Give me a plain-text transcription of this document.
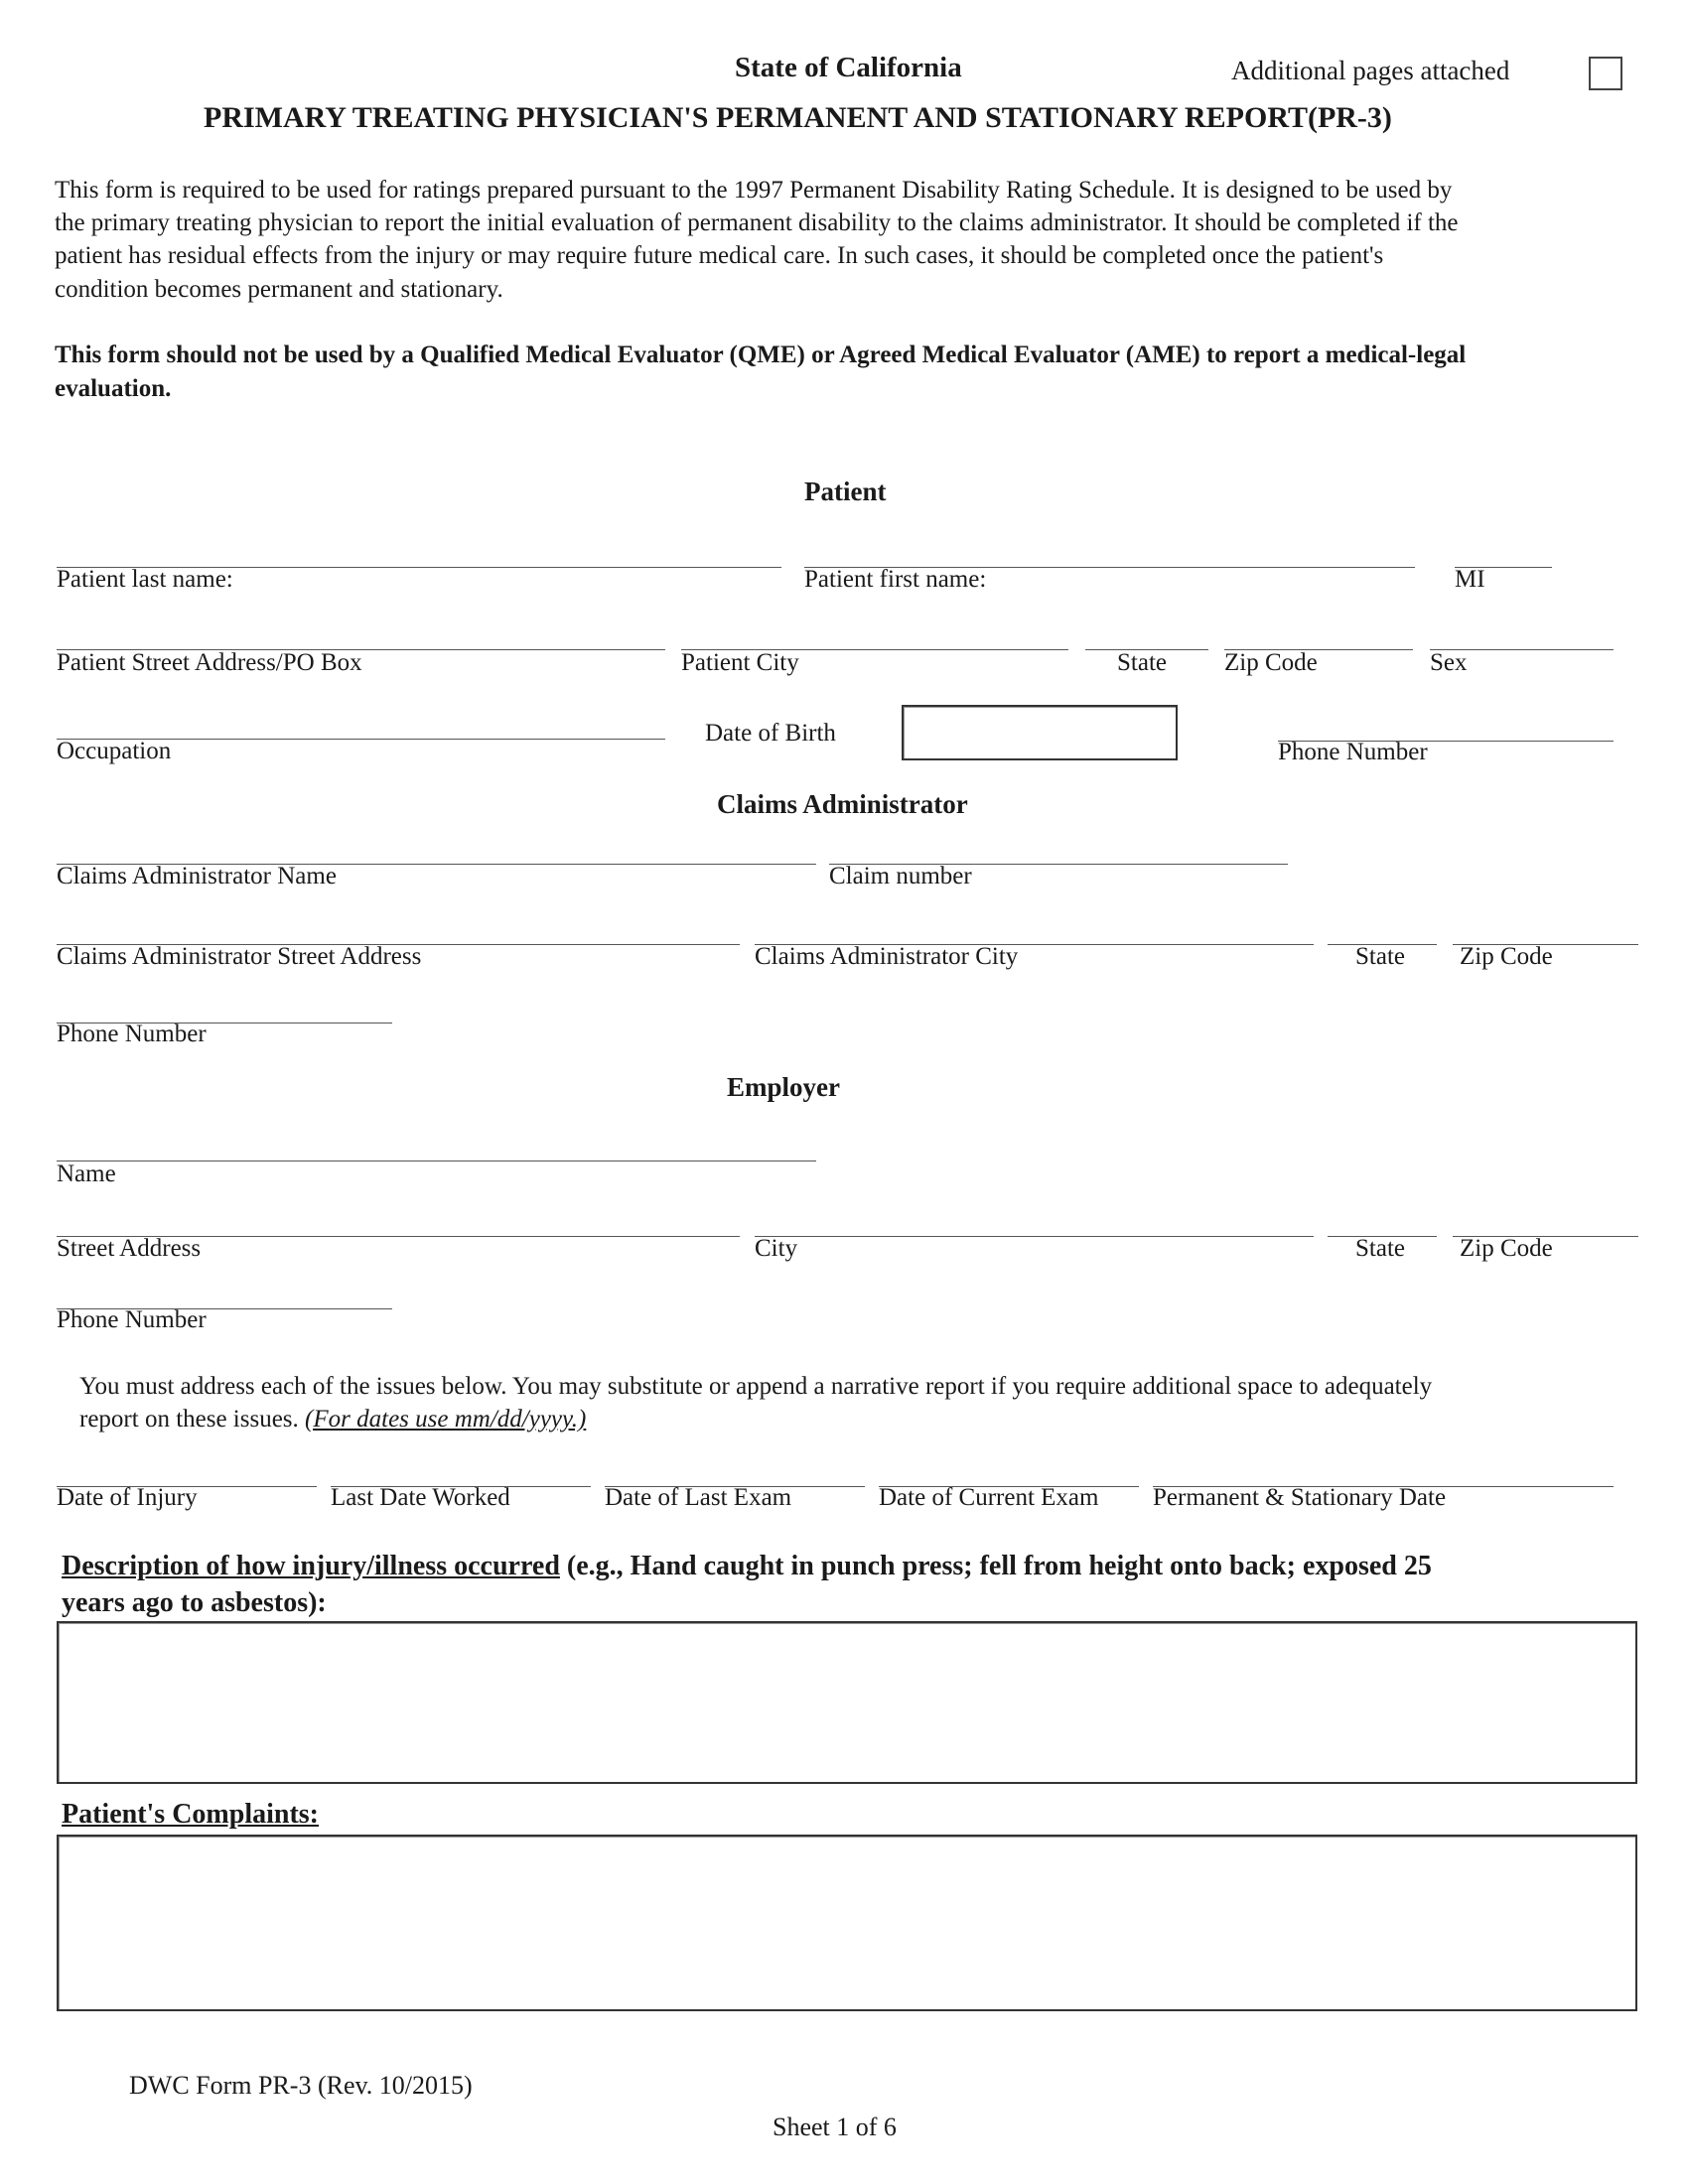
State of California	Additional pages attached
PRIMARY TREATING PHYSICIAN'S PERMANENT AND STATIONARY REPORT(PR-3)
This form is required to be used for ratings prepared pursuant to the 1997 Permanent Disability Rating Schedule. It is designed to be used by
the primary treating physician to report the initial evaluation of permanent disability to the claims administrator. It should be completed if the
patient has residual effects from the injury or may require future medical care. In such cases, it should be completed once the patient's
condition becomes permanent and stationary.
This form should not be used by a Qualified Medical Evaluator (QME) or Agreed Medical Evaluator (AME) to report a medical-legal
evaluation.
Patient
Patient last name:	Patient first name:	MI
Patient Street Address/PO Box	Patient City	State Zip Code	Sex
Occupation
Date of Birth
Phone Number
Claims Administrator
Claims Administrator Name	Claim number
Claims Administrator Street Address	Claims Administrator City	State Zip Code
Phone Number
Employer
Name
Street Address	City	State Zip Code
Phone Number
You must address each of the issues below. You may substitute or append a narrative report if you require additional space to adequately
report on these issues. (For dates use mm/dd/yyyy.)
Date of Injury	Last Date Worked	Date of Last Exam	Date of Current Exam Permanent & Stationary Date
Description of how injury/illness occurred (e.g., Hand caught in punch press; fell from height onto back; exposed 25
years ago to asbestos):
Patient's Complaints:
DWC Form PR-3 (Rev. 10/2015)
Sheet 1 of 6
